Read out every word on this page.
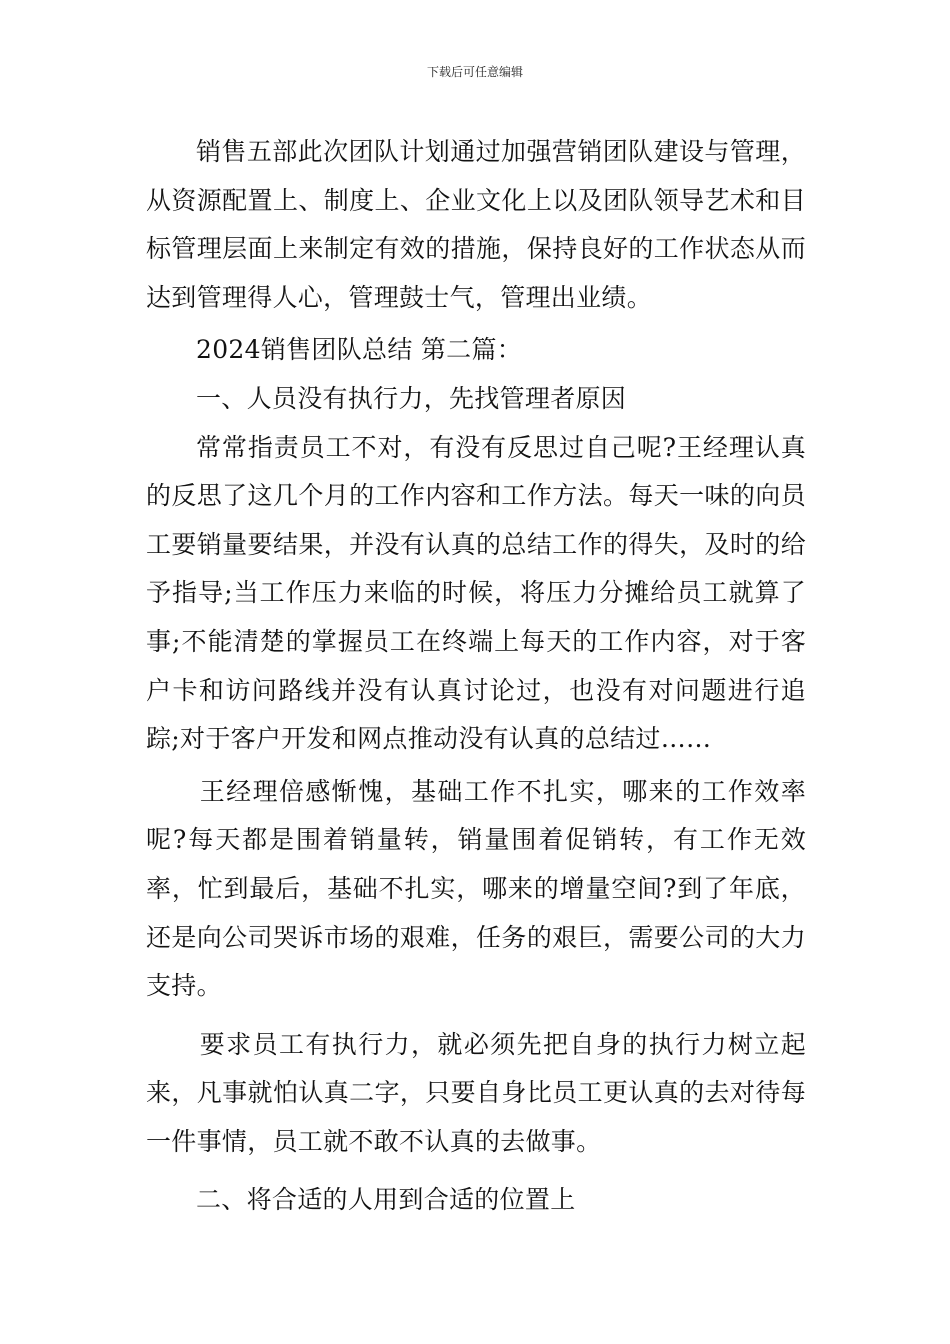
下载后可任意编辑

销售五部此次团队计划通过加强营销团队建设与管理，从资源配置上、制度上、企业文化上以及团队领导艺术和目标管理层面上来制定有效的措施，保持良好的工作状态从而达到管理得人心，管理鼓士气，管理出业绩。

2024销售团队总结 第二篇：

一、人员没有执行力，先找管理者原因

常常指责员工不对，有没有反思过自己呢?王经理认真的反思了这几个月的工作内容和工作方法。每天一味的向员工要销量要结果，并没有认真的总结工作的得失，及时的给予指导;当工作压力来临的时候，将压力分摊给员工就算了事;不能清楚的掌握员工在终端上每天的工作内容，对于客户卡和访问路线并没有认真讨论过，也没有对问题进行追踪;对于客户开发和网点推动没有认真的总结过……

王经理倍感惭愧，基础工作不扎实，哪来的工作效率呢?每天都是围着销量转，销量围着促销转，有工作无效率，忙到最后，基础不扎实，哪来的增量空间?到了年底，还是向公司哭诉市场的艰难，任务的艰巨，需要公司的大力支持。

要求员工有执行力，就必须先把自身的执行力树立起来，凡事就怕认真二字，只要自身比员工更认真的去对待每一件事情，员工就不敢不认真的去做事。

二、将合适的人用到合适的位置上
